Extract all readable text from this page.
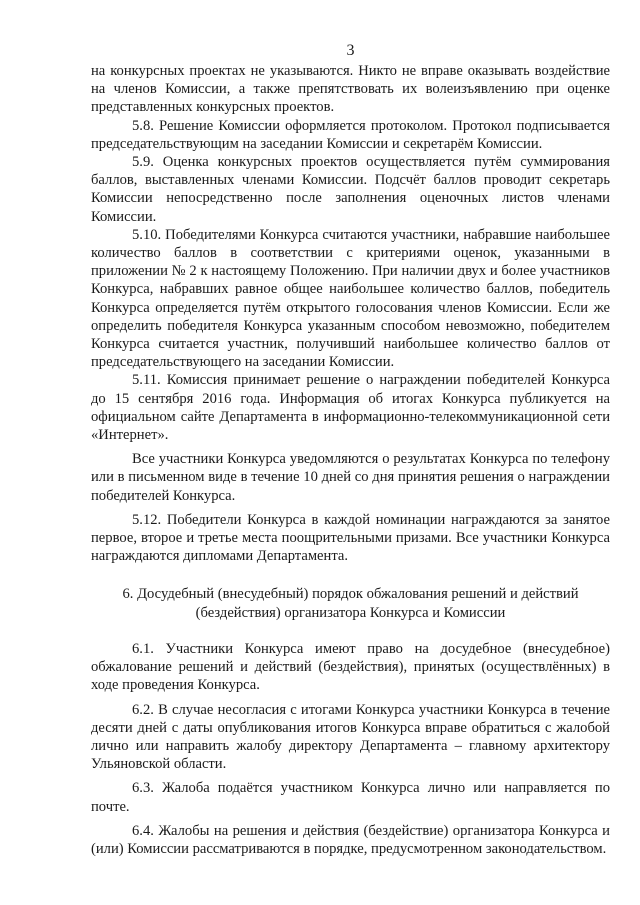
3

на конкурсных проектах не указываются. Никто не вправе оказывать воздействие на членов Комиссии, а также препятствовать их волеизъявлению при оценке представленных конкурсных проектов.

5.8. Решение Комиссии оформляется протоколом. Протокол подписывается председательствующим на заседании Комиссии и секретарём Комиссии.

5.9. Оценка конкурсных проектов осуществляется путём суммирования баллов, выставленных членами Комиссии. Подсчёт баллов проводит секретарь Комиссии непосредственно после заполнения оценочных листов членами Комиссии.

5.10. Победителями Конкурса считаются участники, набравшие наибольшее количество баллов в соответствии с критериями оценок, указанными в приложении № 2 к настоящему Положению. При наличии двух и более участников Конкурса, набравших равное общее наибольшее количество баллов, победитель Конкурса определяется путём открытого голосования членов Комиссии. Если же определить победителя Конкурса указанным способом невозможно, победителем Конкурса считается участник, получивший наибольшее количество баллов от председательствующего на заседании Комиссии.

5.11. Комиссия принимает решение о награждении победителей Конкурса до 15 сентября 2016 года. Информация об итогах Конкурса публикуется на официальном сайте Департамента в информационно-телекоммуникационной сети «Интернет».

Все участники Конкурса уведомляются о результатах Конкурса по телефону или в письменном виде в течение 10 дней со дня принятия решения о награждении победителей Конкурса.

5.12. Победители Конкурса в каждой номинации награждаются за занятое первое, второе и третье места поощрительными призами. Все участники Конкурса награждаются дипломами Департамента.

6. Досудебный (внесудебный) порядок обжалования решений и действий
(бездействия) организатора Конкурса и Комиссии

6.1. Участники Конкурса имеют право на досудебное (внесудебное) обжалование решений и действий (бездействия), принятых (осуществлённых) в ходе проведения Конкурса.

6.2. В случае несогласия с итогами Конкурса участники Конкурса в течение десяти дней с даты опубликования итогов Конкурса вправе обратиться с жалобой лично или направить жалобу директору Департамента – главному архитектору Ульяновской области.

6.3. Жалоба подаётся участником Конкурса лично или направляется по почте.

6.4. Жалобы на решения и действия (бездействие) организатора Конкурса и (или) Комиссии рассматриваются в порядке, предусмотренном законодательством.
